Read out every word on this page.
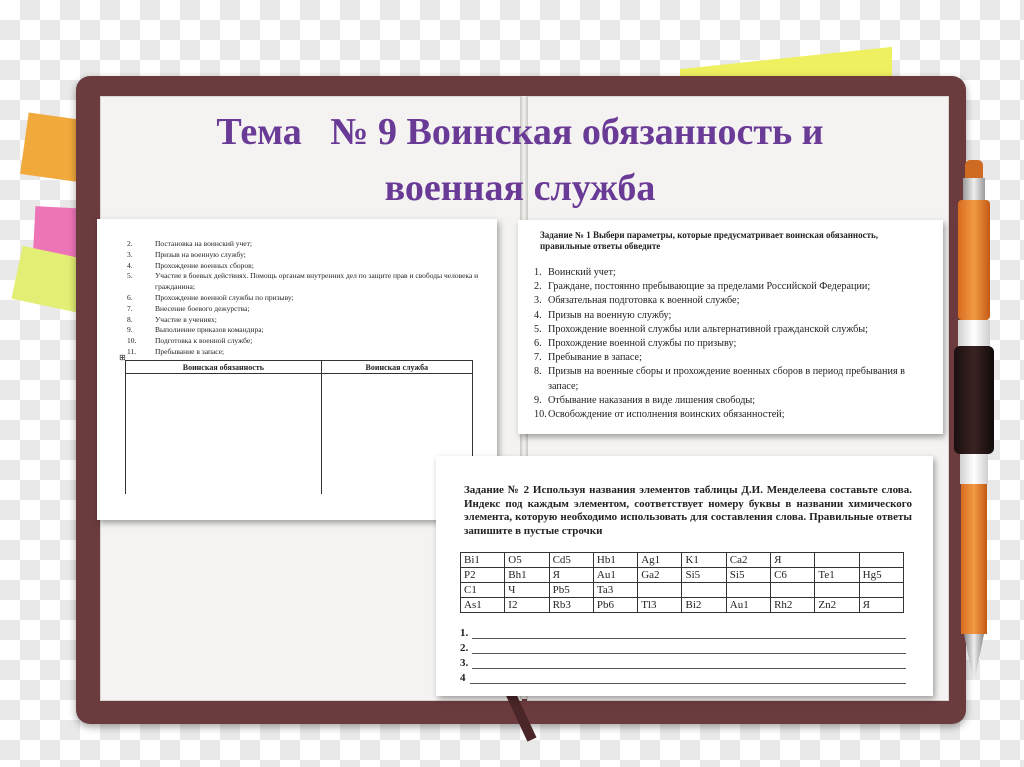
Тема   № 9 Воинская обязанность и
военная служба
2.	Постановка на воинский учет;
3.	Призыв на военную службу;
4.	Прохождение военных сборов;
5.	Участие в боевых действиях. Помощь органам внутренних дел по защите прав и свободы человека и гражданина;
6.	Прохождение военной службы по призыву;
7.	Внесение боевого дежурства;
8.	Участие в учениях;
9.	Выполнение приказов командира;
10.	Подготовка к военной службе;
11.	Пребывание в запасе;
⊞
Воинская обязанность	Воинская служба

Задание № 1 Выбери параметры, которые предусматривает воинская обязанность, правильные ответы обведите
1. Воинский учет;
2. Граждане, постоянно пребывающие за пределами Российской Федерации;
3. Обязательная подготовка к военной службе;
4. Призыв на военную службу;
5. Прохождение военной службы или альтернативной гражданской службы;
6. Прохождение военной службы по призыву;
7. Пребывание в запасе;
8. Призыв на военные сборы и прохождение военных сборов в период пребывания в запасе;
9. Отбывание наказания в виде лишения свободы;
10. Освобождение от исполнения воинских обязанностей;
Задание № 2 Используя названия элементов таблицы Д.И. Менделеева составьте слова. Индекс под каждым элементом, соответствует номеру буквы в названии химического элемента, которую необходимо использовать для составления слова. Правильные ответы запишите в пустые строчки
Bi1	O5	Cd5	Hb1	Ag1	K1	Ca2	Я		
P2	Bh1	Я	Au1	Ga2	Si5	Si5	C6	Te1	Hg5
C1	Ч	Pb5	Ta3						
As1	I2	Rb3	Pb6	Tl3	Bi2	Au1	Rh2	Zn2	Я
1.
2.
3.
4
